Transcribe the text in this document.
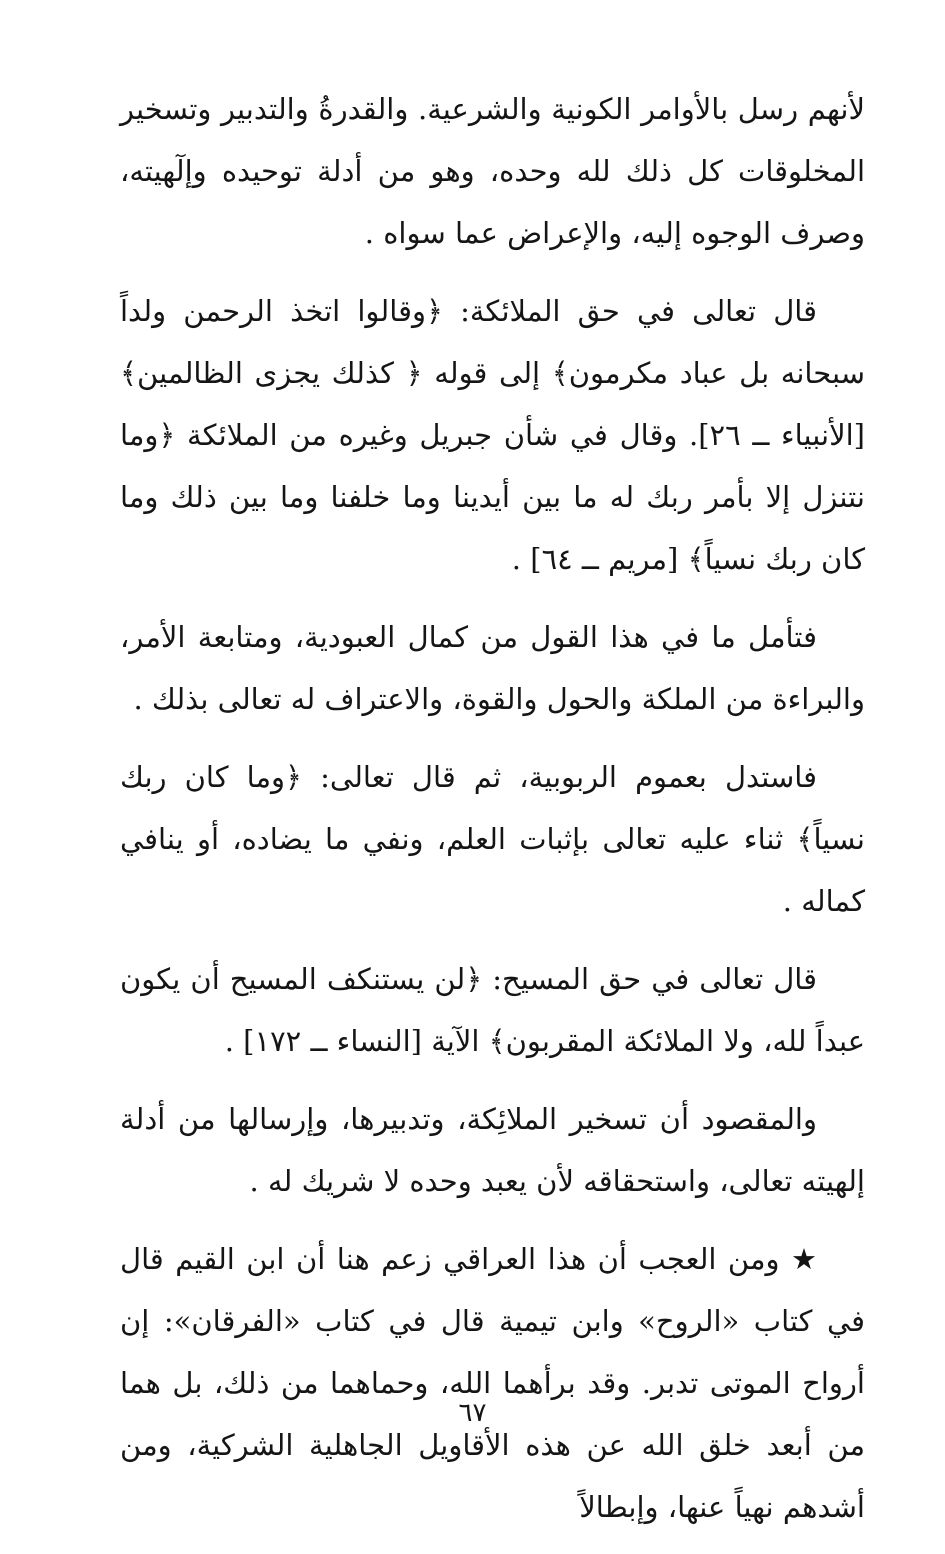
لأنهم رسل بالأوامر الكونية والشرعية. والقدرةُ والتدبير وتسخير المخلوقات كل ذلك لله وحده، وهو من أدلة توحيده وإلٓهيته، وصرف الوجوه إليه، والإعراض عما سواه .

قال تعالى في حق الملائكة: ﴿وقالوا اتخذ الرحمن ولداً سبحانه بل عباد مكرمون﴾ إلى قوله ﴿ كذلك يجزى الظالمين﴾ [الأنبياء ــ ٢٦]. وقال في شأن جبريل وغيره من الملائكة ﴿وما نتنزل إلا بأمر ربك له ما بين أيدينا وما خلفنا وما بين ذلك وما كان ربك نسياً﴾ [مريم ــ ٦٤] .

فتأمل ما في هذا القول من كمال العبودية، ومتابعة الأمر، والبراءة من الملكة والحول والقوة، والاعتراف له تعالى بذلك .

فاستدل بعموم الربوبية، ثم قال تعالى: ﴿وما كان ربك نسياً﴾ ثناء عليه تعالى بإثبات العلم، ونفي ما يضاده، أو ينافي كماله .

قال تعالى في حق المسيح: ﴿لن يستنكف المسيح أن يكون عبداً لله، ولا الملائكة المقربون﴾ الآية [النساء ــ ١٧٢] .

والمقصود أن تسخير الملائِكة، وتدبيرها، وإرسالها من أدلة إلهيته تعالى، واستحقاقه لأن يعبد وحده لا شريك له .

★ ومن العجب أن هذا العراقي زعم هنا أن ابن القيم قال في كتاب «الروح» وابن تيمية قال في كتاب «الفرقان»: إن أرواح الموتى تدبر. وقد برأهما الله، وحماهما من ذلك، بل هما من أبعد خلق الله عن هذه الأقاويل الجاهلية الشركية، ومن أشدهم نهياً عنها، وإبطالاً

٦٧
